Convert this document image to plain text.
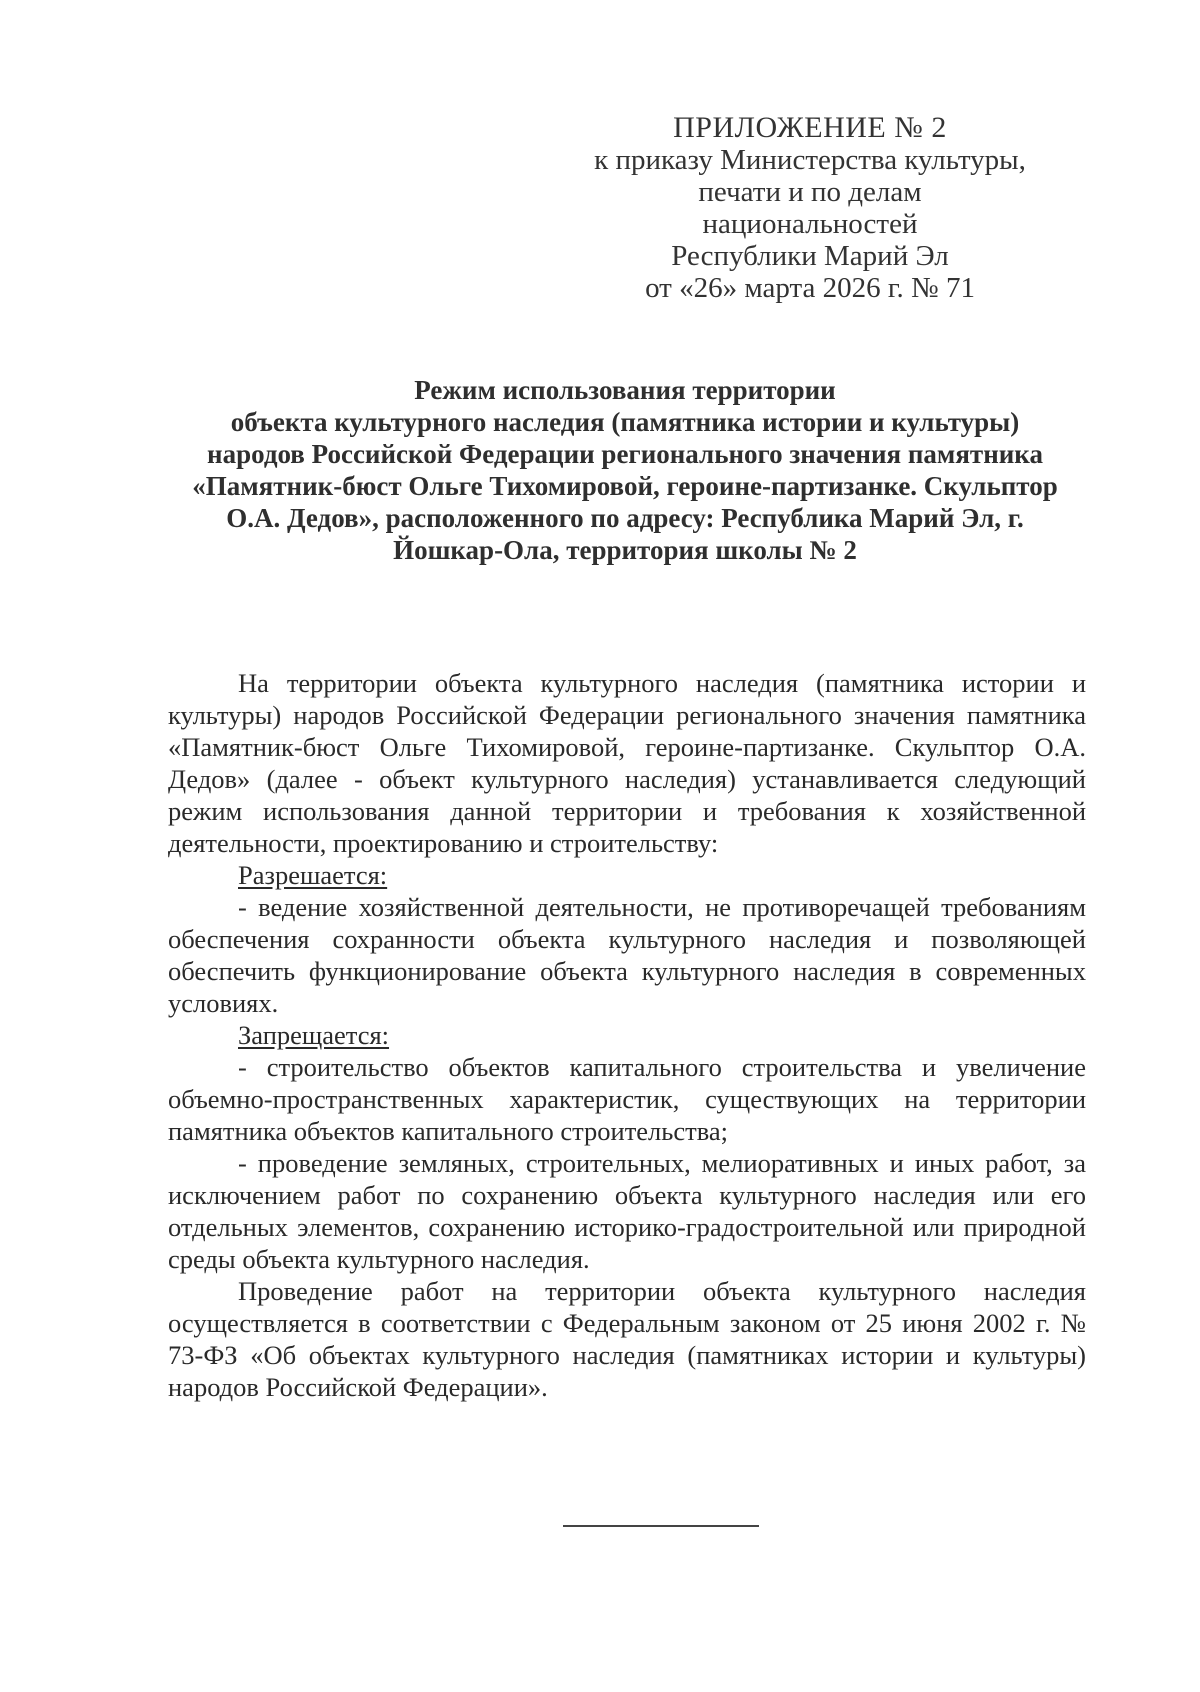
ПРИЛОЖЕНИЕ № 2
к приказу Министерства культуры,
печати и по делам национальностей
Республики Марий Эл
от «26» марта 2026 г. № 71
Режим использования территории
объекта культурного наследия (памятника истории и культуры)
народов Российской Федерации регионального значения памятника
«Памятник-бюст Ольге Тихомировой, героине-партизанке. Скульптор
О.А. Дедов», расположенного по адресу: Республика Марий Эл, г.
Йошкар-Ола, территория школы № 2

На территории объекта культурного наследия (памятника истории и культуры) народов Российской Федерации регионального значения памятника «Памятник-бюст Ольге Тихомировой, героине-партизанке. Скульптор О.А. Дедов» (далее - объект культурного наследия) устанавливается следующий режим использования данной территории и требования к хозяйственной деятельности, проектированию и строительству:

Разрешается:

- ведение хозяйственной деятельности, не противоречащей требованиям обеспечения сохранности объекта культурного наследия и позволяющей обеспечить функционирование объекта культурного наследия в современных условиях.

Запрещается:

- строительство объектов капитального строительства и увеличение объемно-пространственных характеристик, существующих на территории памятника объектов капитального строительства;

- проведение земляных, строительных, мелиоративных и иных работ, за исключением работ по сохранению объекта культурного наследия или его отдельных элементов, сохранению историко-градостроительной или природной среды объекта культурного наследия.

Проведение работ на территории объекта культурного наследия осуществляется в соответствии с Федеральным законом от 25 июня 2002 г. № 73-ФЗ «Об объектах культурного наследия (памятниках истории и культуры) народов Российской Федерации».
